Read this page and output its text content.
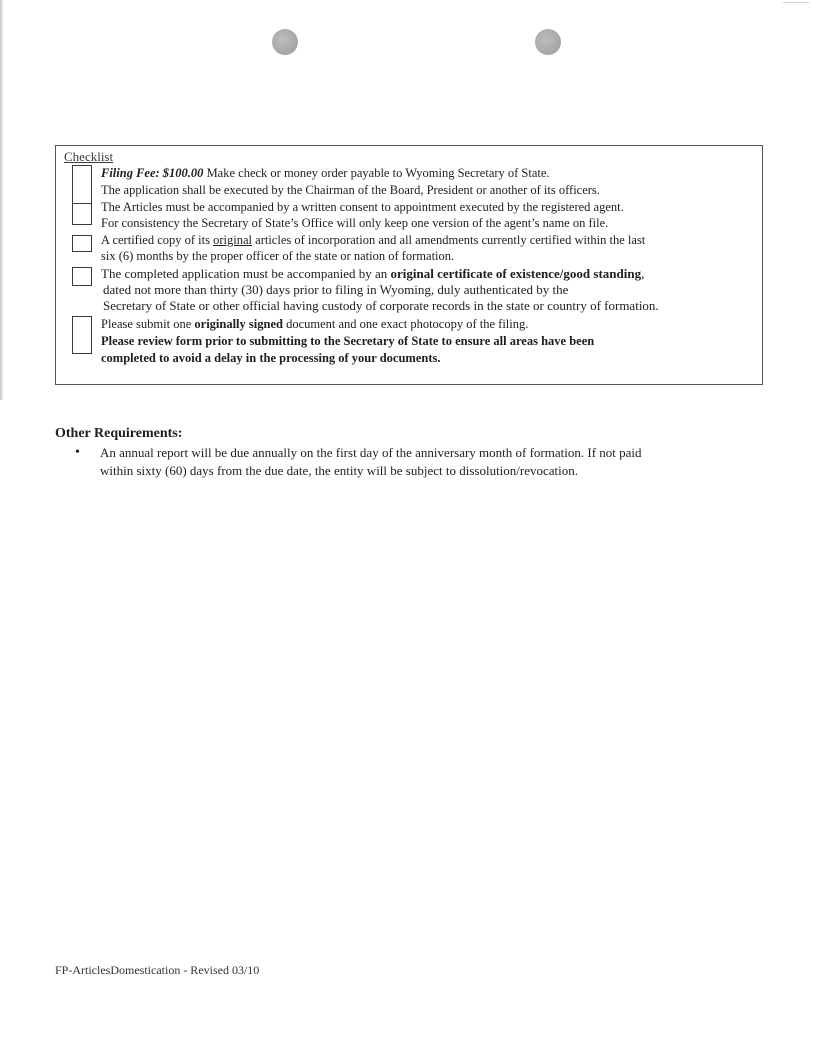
Checklist
Filing Fee: $100.00 Make check or money order payable to Wyoming Secretary of State.
The application shall be executed by the Chairman of the Board, President or another of its officers.
The Articles must be accompanied by a written consent to appointment executed by the registered agent.
For consistency the Secretary of State’s Office will only keep one version of the agent’s name on file.
A certified copy of its original articles of incorporation and all amendments currently certified within the last
six (6) months by the proper officer of the state or nation of formation.
The completed application must be accompanied by an original certificate of existence/good standing,
dated not more than thirty (30) days prior to filing in Wyoming, duly authenticated by the
Secretary of State or other official having custody of corporate records in the state or country of formation.
Please submit one originally signed document and one exact photocopy of the filing.
Please review form prior to submitting to the Secretary of State to ensure all areas have been
completed to avoid a delay in the processing of your documents.
Other Requirements:
• An annual report will be due annually on the first day of the anniversary month of formation. If not paid
within sixty (60) days from the due date, the entity will be subject to dissolution/revocation.
FP-ArticlesDomestication - Revised 03/10
